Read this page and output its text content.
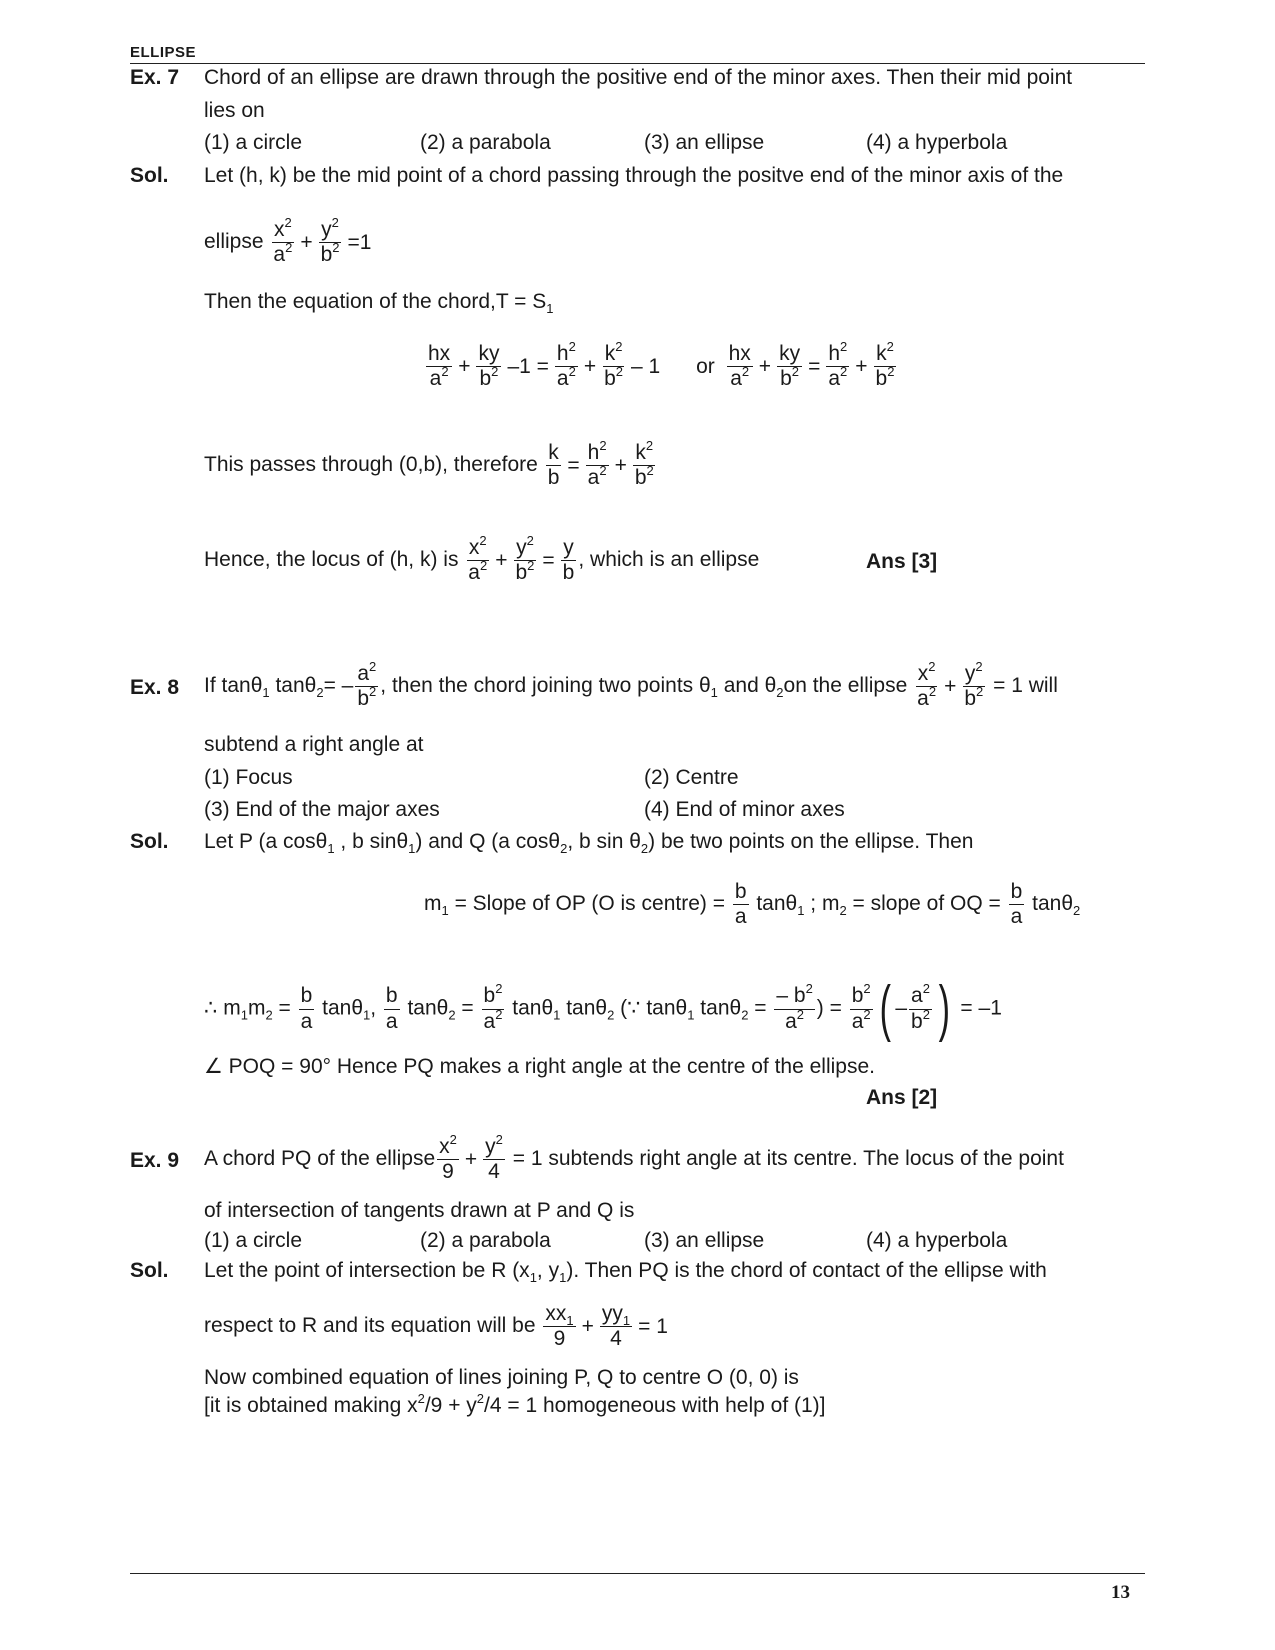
ELLIPSE
Ex. 7 Chord of an ellipse are drawn through the positive end of the minor axes. Then their mid point
lies on
(1) a circle	(2) a parabola	(3) an ellipse	(4) a hyperbola
Sol. Let (h, k) be the mid point of a chord passing through the positve end of the minor axis of the
ellipse $\frac{x^2}{a^2} + \frac{y^2}{b^2} =1$
Then the equation of the chord,T = $S_1$
$\frac{hx}{a^2} + \frac{ky}{b^2} -1 = \frac{h^2}{a^2} + \frac{k^2}{b^2} - 1$ or $\frac{hx}{a^2} + \frac{ky}{b^2} = \frac{h^2}{a^2} + \frac{k^2}{b^2}$
This passes through (0,b), therefore $\frac{k}{b} = \frac{h^2}{a^2} + \frac{k^2}{b^2}$
Hence, the locus of (h, k) is $\frac{x^2}{a^2} + \frac{y^2}{b^2} = \frac{y}{b}$ , which is an ellipse	Ans [3]
Ex. 8 If tanθ$_1$ $\tan\theta_2= - \frac{a^2}{b^2}$ , then the chord joining two points $\theta_1$ and $\theta_2on$ the ellipse $\frac{x^2}{a^2} + \frac{y^2}{b^2} = 1$ will
subtend a right angle at
(1) Focus	(2) Centre
(3) End of the major axes	(4) End of minor axes
Sol. Let P (a cosθ$_1$ , b sinθ$_1$) and Q (a cosθ$_2$, b $\sin \theta_2$) be two points on the ellipse. Then
$m_1$ = Slope of OP (O is centre) = $\frac{b}{a} \tan\theta_1$ ; $m_2$ = slope of OQ = $\frac{b}{a} \tan\theta_2$
∴ $m_1m_2 = \frac{b}{a} \tan\theta_1$, $\frac{b}{a} \tan\theta_2 = \frac{b^2}{a^2} \tan\theta_1$ tanθ$_2$ (∵ tanθ$_1$ $\tan\theta_2 = \frac{- b^2}{a^2}$ ) = $\frac{b^2}{a^2}$ ( – $\frac{a^2}{b^2}$ ) = –1
∠ POQ = 90° Hence PQ makes a right angle at the centre of the ellipse.
Ans [2]
Ex. 9 A chord PQ of the ellipse $\frac{x^2}{9} + \frac{y^2}{4} = 1$ subtends right angle at its centre. The locus of the point
of intersection of tangents drawn at P and Q is
(1) a circle	(2) a parabola	(3) an ellipse	(4) a hyperbola
Sol. Let the point of intersection be R ($x_1$, $y_1$). Then PQ is the chord of contact of the ellipse with
respect to R and its equation will be $\frac{xx_1}{9} + \frac{yy_1}{4} = 1$
Now combined equation of lines joining P, Q to centre O (0, 0) is
[it is obtained making $x^2/9 + y^2/4 = 1$ homogeneous with help of (1)]
13
